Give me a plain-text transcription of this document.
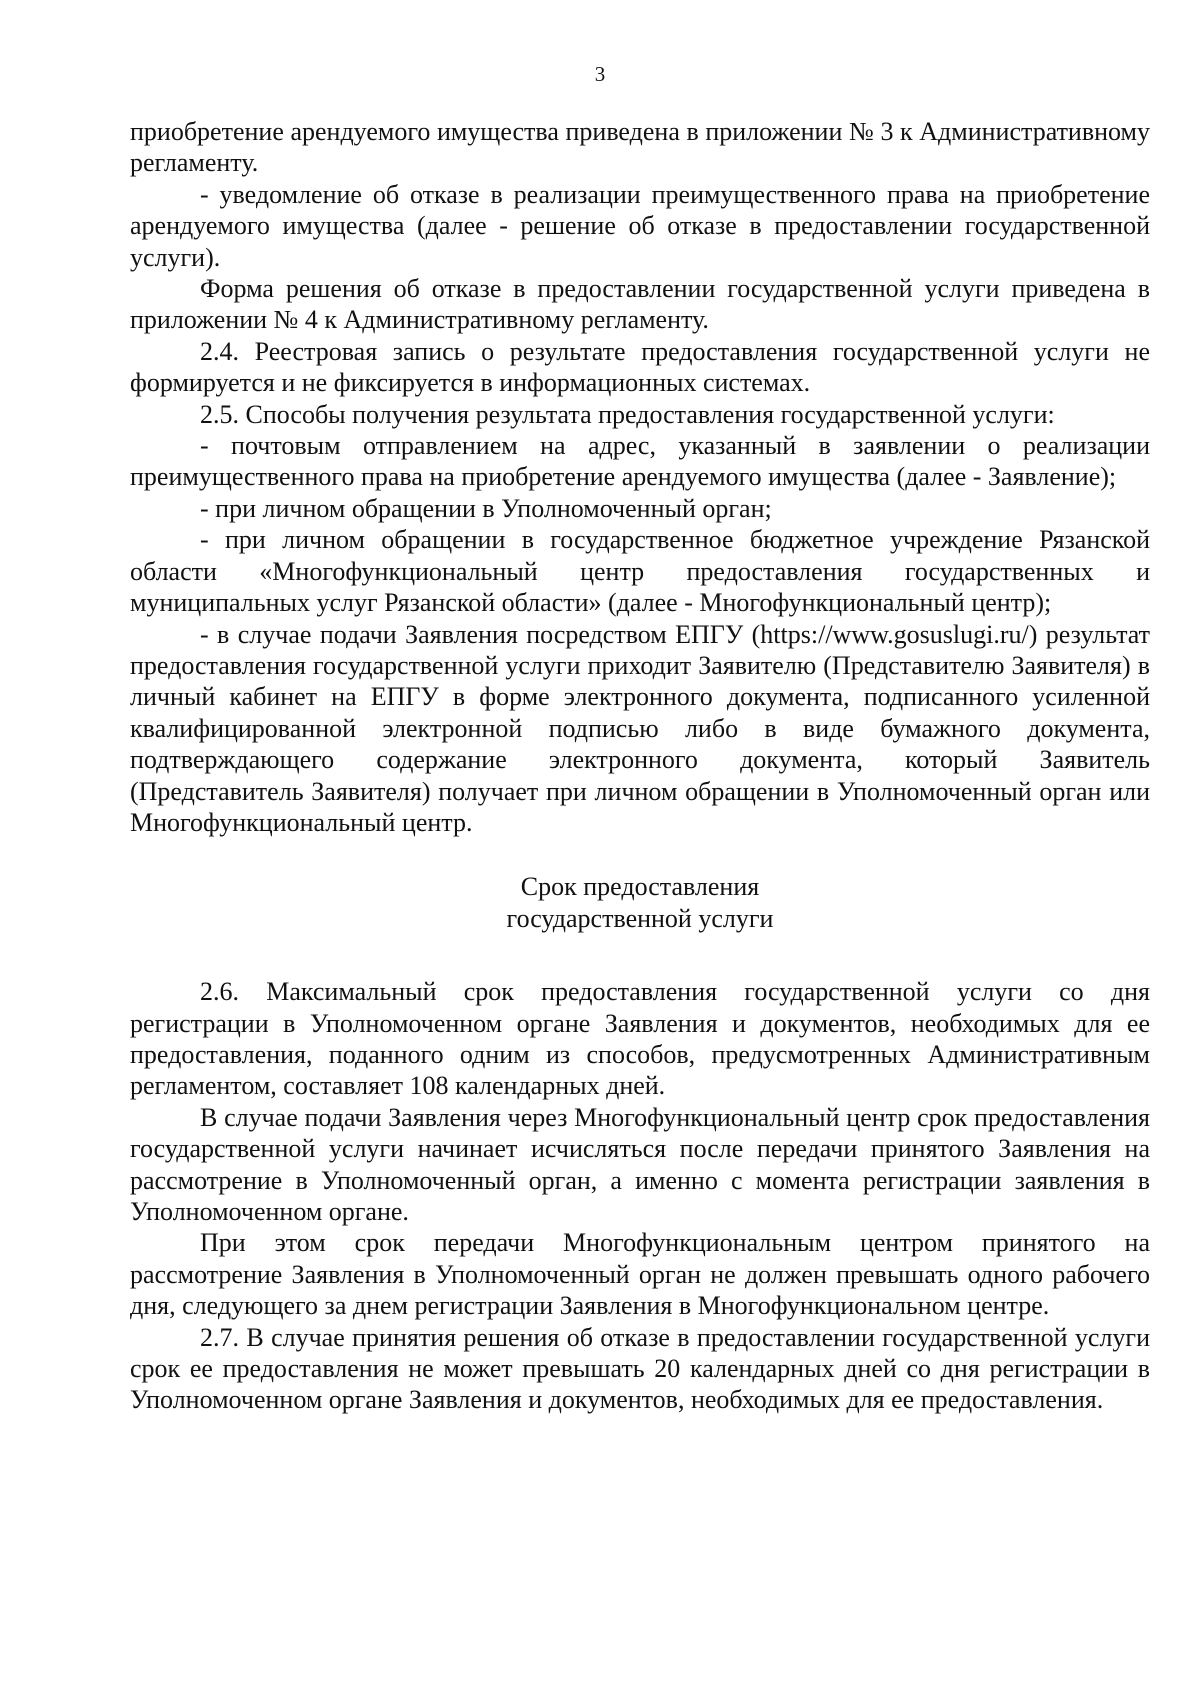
3

приобретение арендуемого имущества приведена в приложении № 3 к Административному регламенту.

- уведомление об отказе в реализации преимущественного права на приобретение арендуемого имущества (далее - решение об отказе в предоставлении государственной услуги).

Форма решения об отказе в предоставлении государственной услуги приведена в приложении № 4 к Административному регламенту.

2.4. Реестровая запись о результате предоставления государственной услуги не формируется и не фиксируется в информационных системах.

2.5. Способы получения результата предоставления государственной услуги:

- почтовым отправлением на адрес, указанный в заявлении о реализации преимущественного права на приобретение арендуемого имущества (далее - Заявление);

- при личном обращении в Уполномоченный орган;

- при личном обращении в государственное бюджетное учреждение Рязанской области «Многофункциональный центр предоставления государственных и муниципальных услуг Рязанской области» (далее - Многофункциональный центр);

- в случае подачи Заявления посредством ЕПГУ (https://www.gosuslugi.ru/) результат предоставления государственной услуги приходит Заявителю (Представителю Заявителя) в личный кабинет на ЕПГУ в форме электронного документа, подписанного усиленной квалифицированной электронной подписью либо в виде бумажного документа, подтверждающего содержание электронного документа, который Заявитель (Представитель Заявителя) получает при личном обращении в Уполномоченный орган или Многофункциональный центр.

Срок предоставления

государственной услуги

2.6. Максимальный срок предоставления государственной услуги со дня регистрации в Уполномоченном органе Заявления и документов, необходимых для ее предоставления, поданного одним из способов, предусмотренных Административным регламентом, составляет 108 календарных дней.

В случае подачи Заявления через Многофункциональный центр срок предоставления государственной услуги начинает исчисляться после передачи принятого Заявления на рассмотрение в Уполномоченный орган, а именно с момента регистрации заявления в Уполномоченном органе.

При этом срок передачи Многофункциональным центром принятого на рассмотрение Заявления в Уполномоченный орган не должен превышать одного рабочего дня, следующего за днем регистрации Заявления в Многофункциональном центре.

2.7. В случае принятия решения об отказе в предоставлении государственной услуги срок ее предоставления не может превышать 20 календарных дней со дня регистрации в Уполномоченном органе Заявления и документов, необходимых для ее предоставления.
